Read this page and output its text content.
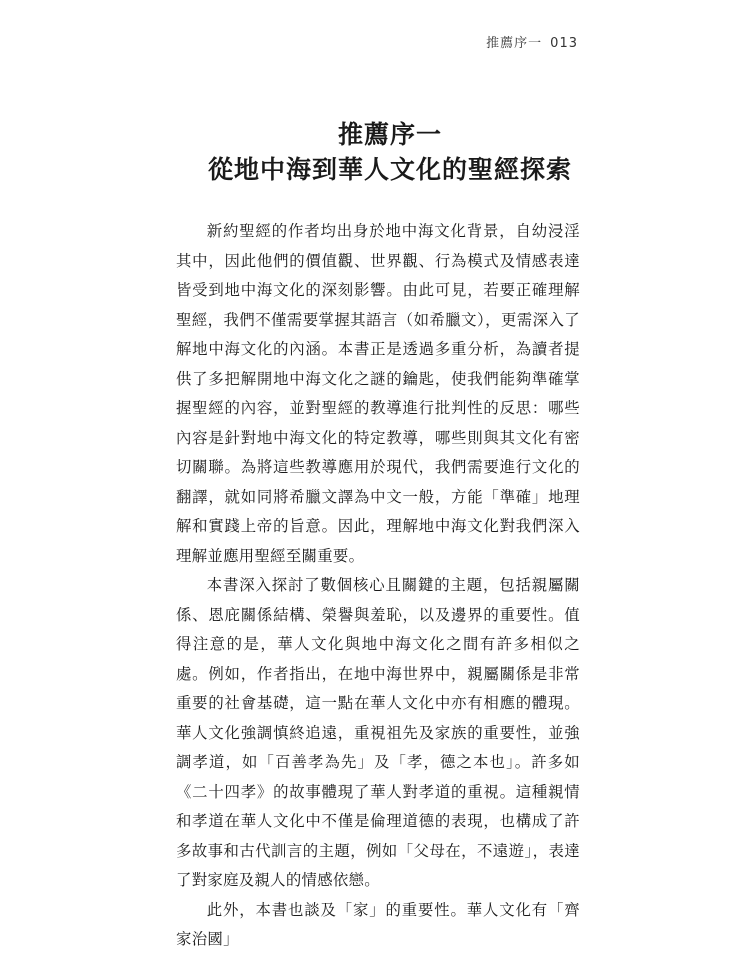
推薦序一 013
推薦序一
從地中海到華人文化的聖經探索

新約聖經的作者均出身於地中海文化背景，自幼浸淫其中，因此他們的價值觀、世界觀、行為模式及情感表達皆受到地中海文化的深刻影響。由此可見，若要正確理解聖經，我們不僅需要掌握其語言（如希臘文），更需深入了解地中海文化的內涵。本書正是透過多重分析，為讀者提供了多把解開地中海文化之謎的鑰匙，使我們能夠準確掌握聖經的內容，並對聖經的教導進行批判性的反思：哪些內容是針對地中海文化的特定教導，哪些則與其文化有密切關聯。為將這些教導應用於現代，我們需要進行文化的翻譯，就如同將希臘文譯為中文一般，方能「準確」地理解和實踐上帝的旨意。因此，理解地中海文化對我們深入理解並應用聖經至關重要。

本書深入探討了數個核心且關鍵的主題，包括親屬關係、恩庇關係結構、榮譽與羞恥，以及邊界的重要性。值得注意的是，華人文化與地中海文化之間有許多相似之處。例如，作者指出，在地中海世界中，親屬關係是非常重要的社會基礎，這一點在華人文化中亦有相應的體現。華人文化強調慎終追遠，重視祖先及家族的重要性，並強調孝道，如「百善孝為先」及「孝，德之本也」。許多如《二十四孝》的故事體現了華人對孝道的重視。這種親情和孝道在華人文化中不僅是倫理道德的表現，也構成了許多故事和古代訓言的主題，例如「父母在，不遠遊」，表達了對家庭及親人的情感依戀。

此外，本書也談及「家」的重要性。華人文化有「齊家治國」
